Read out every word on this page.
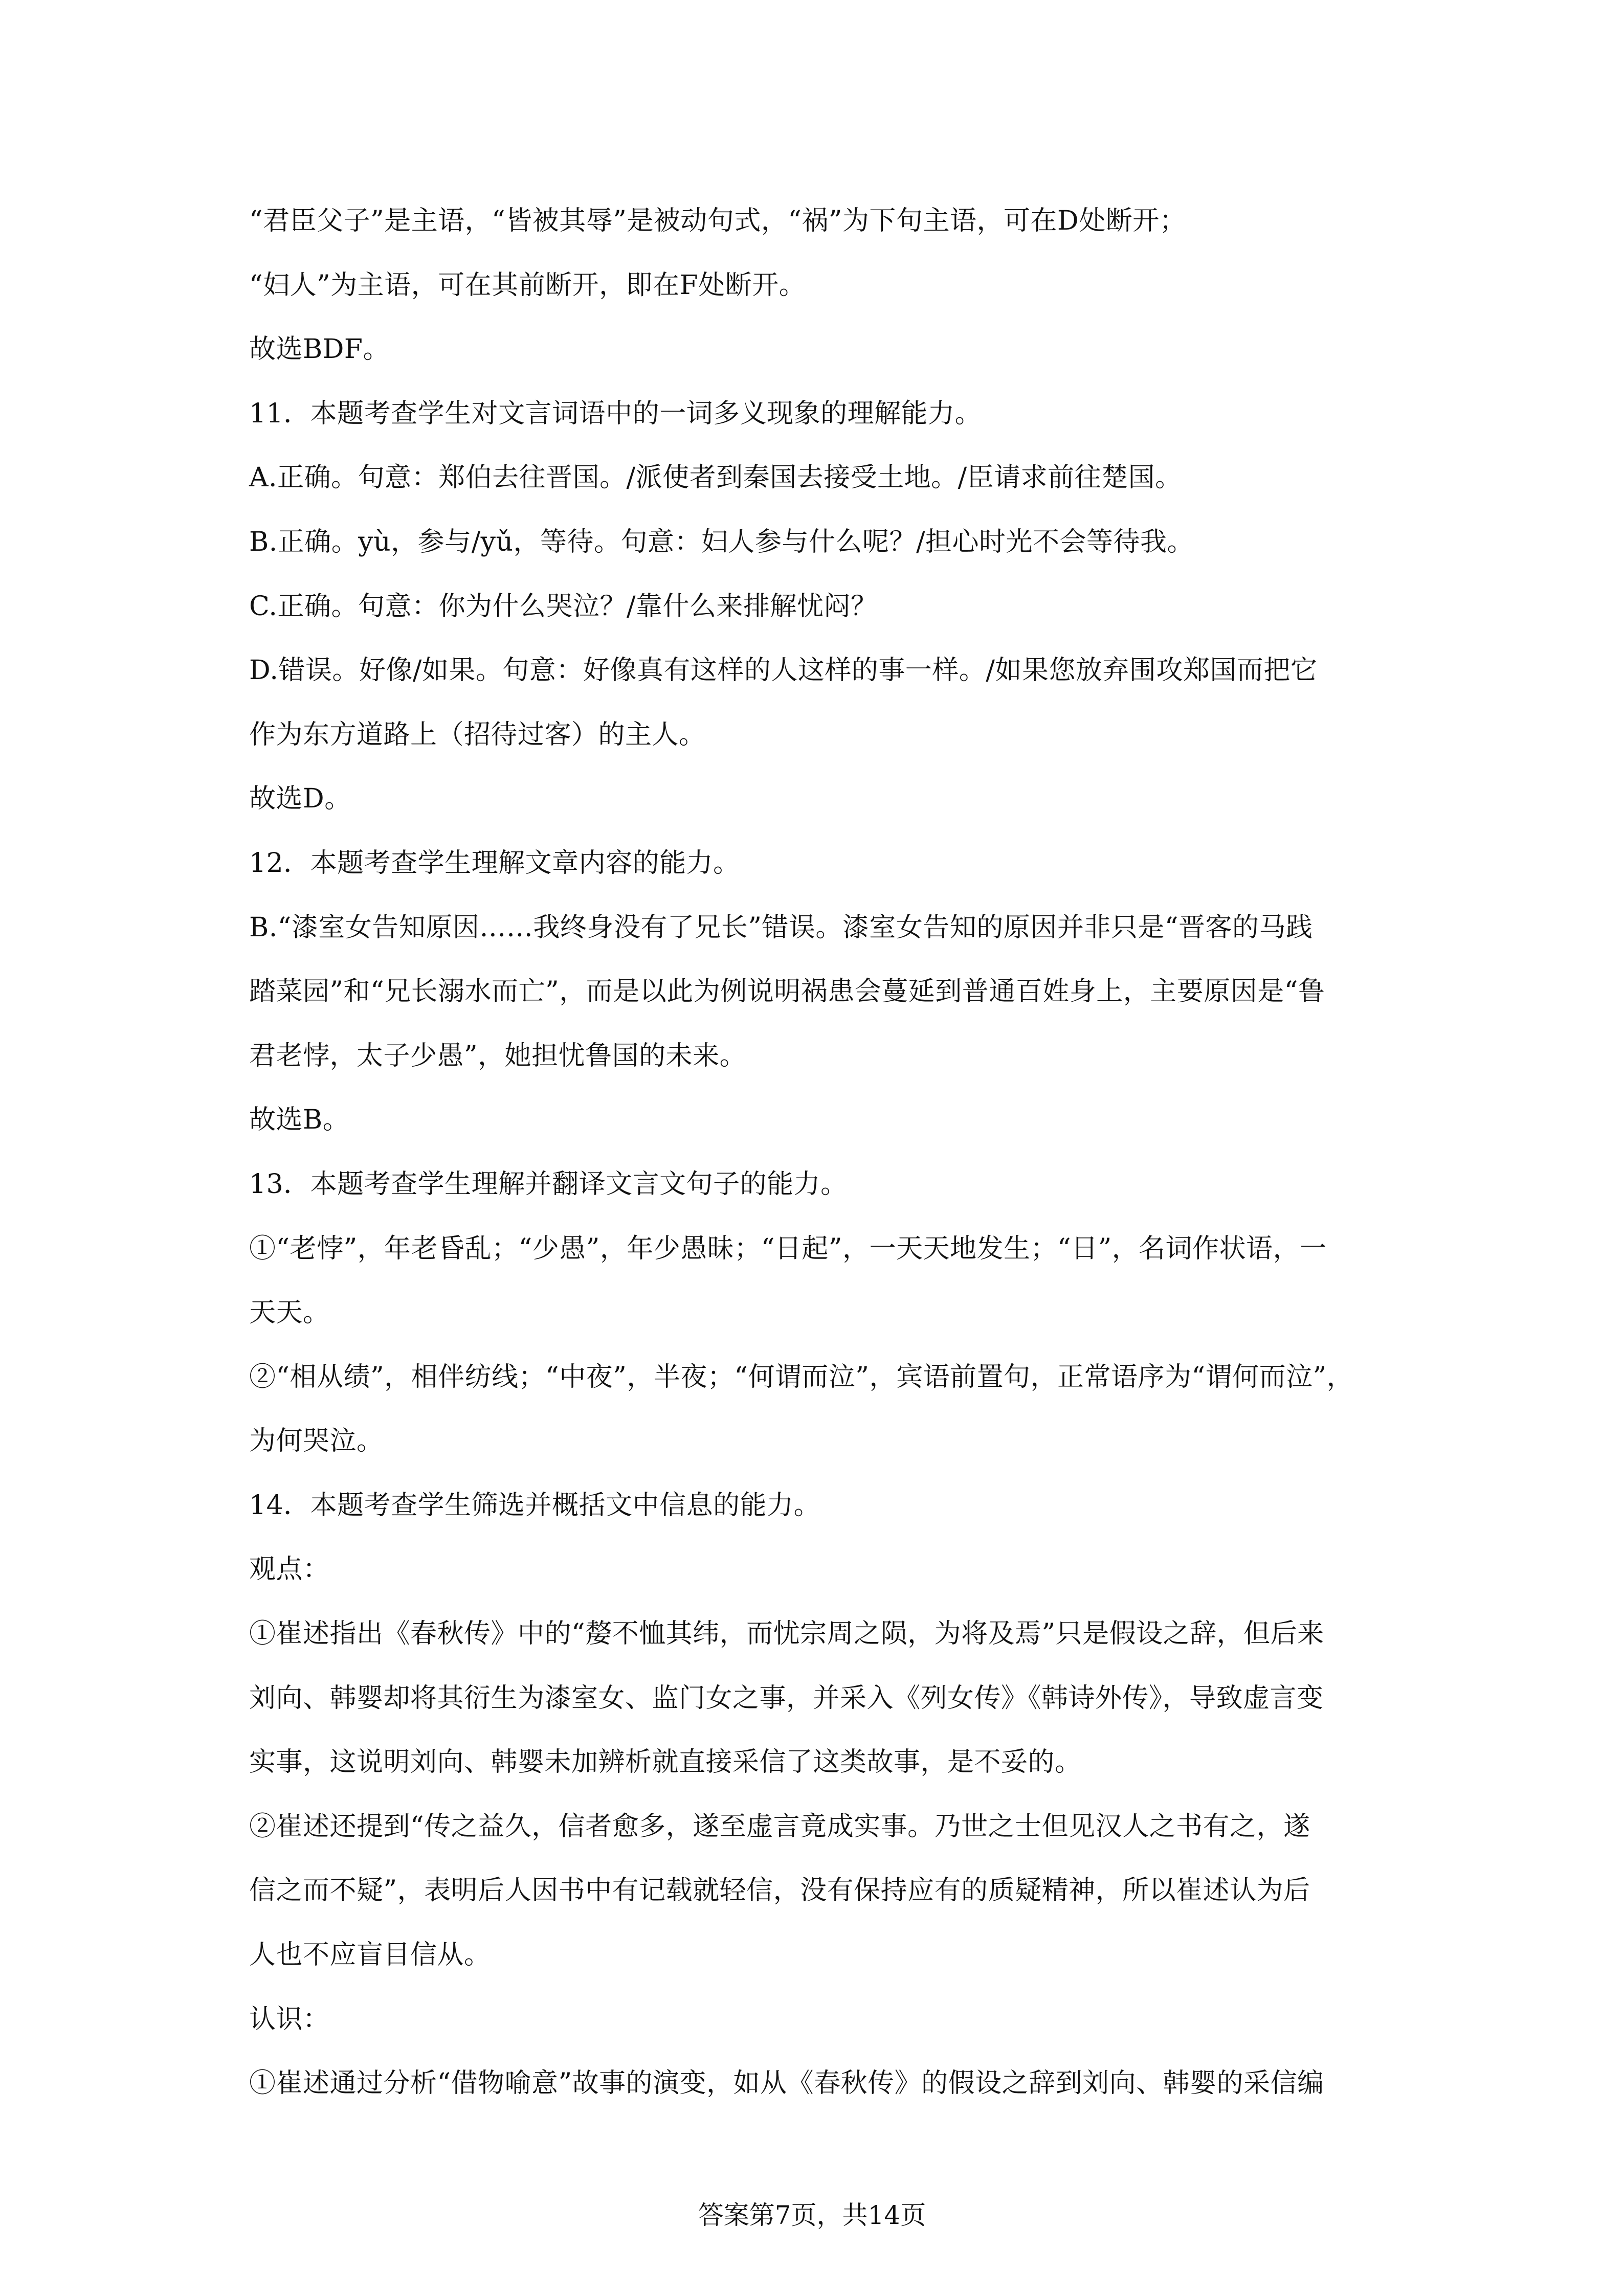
“君臣父子”是主语，“皆被其辱”是被动句式，“祸”为下句主语，可在D处断开；
“妇人”为主语，可在其前断开，即在F处断开。
故选BDF。
11．本题考查学生对文言词语中的一词多义现象的理解能力。
A.正确。句意：郑伯去往晋国。/派使者到秦国去接受土地。/臣请求前往楚国。
B.正确。yù，参与/yǔ，等待。句意：妇人参与什么呢？/担心时光不会等待我。
C.正确。句意：你为什么哭泣？/靠什么来排解忧闷？
D.错误。好像/如果。句意：好像真有这样的人这样的事一样。/如果您放弃围攻郑国而把它
作为东方道路上（招待过客）的主人。
故选D。
12．本题考查学生理解文章内容的能力。
B.“漆室女告知原因……我终身没有了兄长”错误。漆室女告知的原因并非只是“晋客的马践
踏菜园”和“兄长溺水而亡”，而是以此为例说明祸患会蔓延到普通百姓身上，主要原因是“鲁
君老悖，太子少愚”，她担忧鲁国的未来。
故选B。
13．本题考查学生理解并翻译文言文句子的能力。
①“老悖”，年老昏乱；“少愚”，年少愚昧；“日起”，一天天地发生；“日”，名词作状语，一
天天。
②“相从绩”，相伴纺线；“中夜”，半夜；“何谓而泣”，宾语前置句，正常语序为“谓何而泣”，
为何哭泣。
14．本题考查学生筛选并概括文中信息的能力。
观点：
①崔述指出《春秋传》中的“嫠不恤其纬，而忧宗周之陨，为将及焉”只是假设之辞，但后来
刘向、韩婴却将其衍生为漆室女、监门女之事，并采入《列女传》《韩诗外传》，导致虚言变
实事，这说明刘向、韩婴未加辨析就直接采信了这类故事，是不妥的。
②崔述还提到“传之益久，信者愈多，遂至虚言竟成实事。乃世之士但见汉人之书有之，遂
信之而不疑”，表明后人因书中有记载就轻信，没有保持应有的质疑精神，所以崔述认为后
人也不应盲目信从。
认识：
①崔述通过分析“借物喻意”故事的演变，如从《春秋传》的假设之辞到刘向、韩婴的采信编
答案第7页，共14页
